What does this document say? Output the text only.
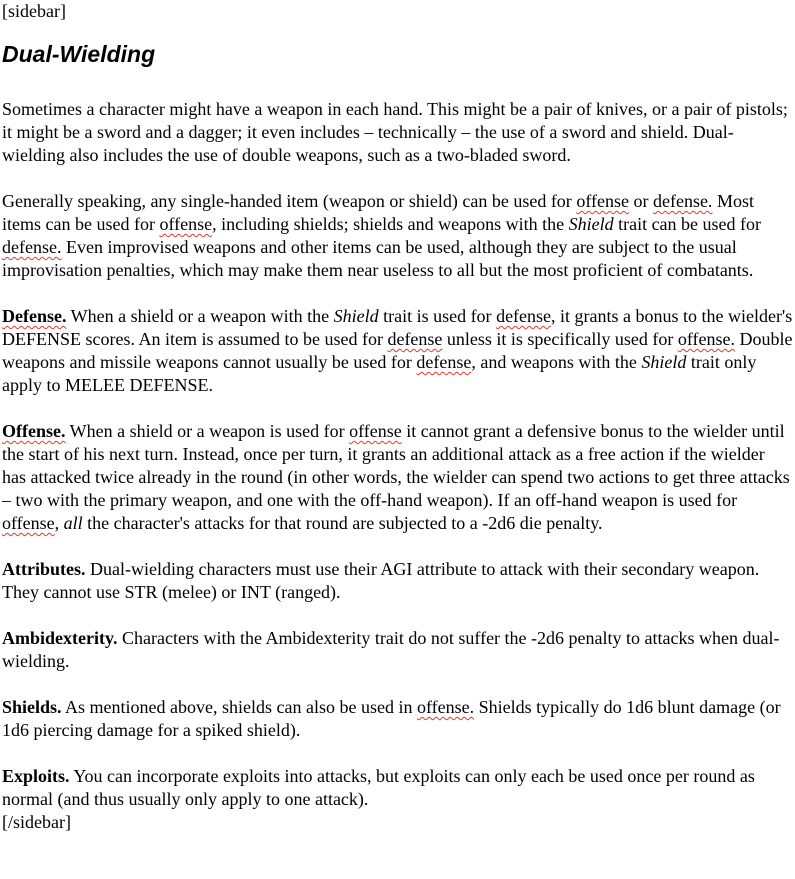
[sidebar]
Dual-Wielding

Sometimes a character might have a weapon in each hand. This might be a pair of knives, or a pair of pistols; it might be a sword and a dagger; it even includes – technically – the use of a sword and shield. Dual-wielding also includes the use of double weapons, such as a two-bladed sword.

Generally speaking, any single-handed item (weapon or shield) can be used for offense or defense. Most items can be used for offense, including shields; shields and weapons with the Shield trait can be used for defense. Even improvised weapons and other items can be used, although they are subject to the usual improvisation penalties, which may make them near useless to all but the most proficient of combatants.

Defense. When a shield or a weapon with the Shield trait is used for defense, it grants a bonus to the wielder's DEFENSE scores. An item is assumed to be used for defense unless it is specifically used for offense. Double weapons and missile weapons cannot usually be used for defense, and weapons with the Shield trait only apply to MELEE DEFENSE.

Offense. When a shield or a weapon is used for offense it cannot grant a defensive bonus to the wielder until the start of his next turn. Instead, once per turn, it grants an additional attack as a free action if the wielder has attacked twice already in the round (in other words, the wielder can spend two actions to get three attacks – two with the primary weapon, and one with the off-hand weapon). If an off-hand weapon is used for offense, all the character's attacks for that round are subjected to a -2d6 die penalty.

Attributes. Dual-wielding characters must use their AGI attribute to attack with their secondary weapon. They cannot use STR (melee) or INT (ranged).

Ambidexterity. Characters with the Ambidexterity trait do not suffer the -2d6 penalty to attacks when dual-wielding.

Shields. As mentioned above, shields can also be used in offense. Shields typically do 1d6 blunt damage (or 1d6 piercing damage for a spiked shield).

Exploits. You can incorporate exploits into attacks, but exploits can only each be used once per round as normal (and thus usually only apply to one attack).

[/sidebar]
